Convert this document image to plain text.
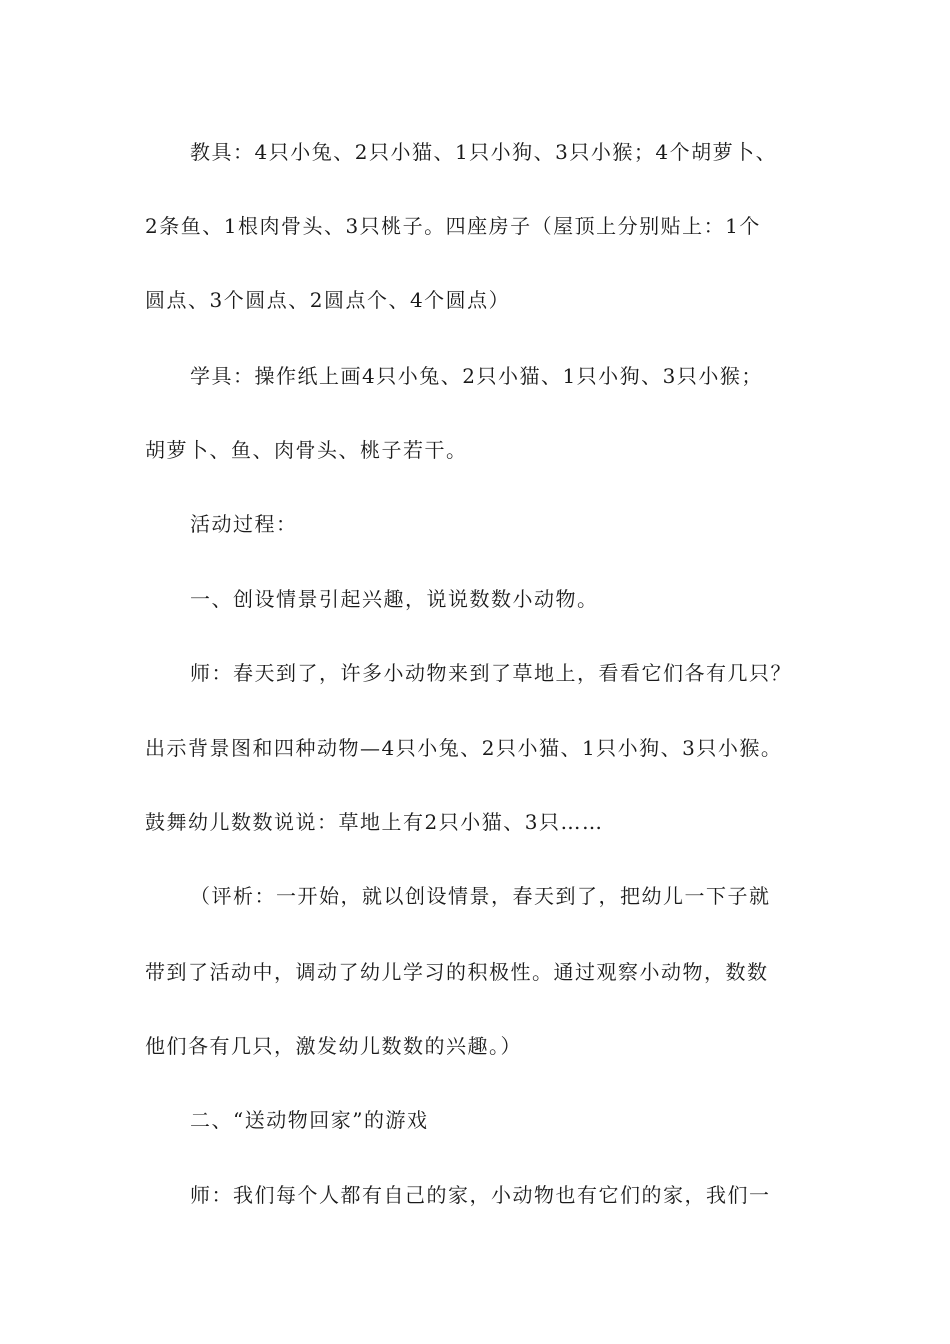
教具：4只小兔、2只小猫、1只小狗、3只小猴；4个胡萝卜、
2条鱼、1根肉骨头、3只桃子。四座房子（屋顶上分别贴上：1个
圆点、3个圆点、2圆点个、4个圆点）
学具：操作纸上画4只小兔、2只小猫、1只小狗、3只小猴；
胡萝卜、鱼、肉骨头、桃子若干。
活动过程：
一、创设情景引起兴趣，说说数数小动物。
师：春天到了，许多小动物来到了草地上，看看它们各有几只？
出示背景图和四种动物—4只小兔、2只小猫、1只小狗、3只小猴。
鼓舞幼儿数数说说：草地上有2只小猫、3只……
（评析：一开始，就以创设情景，春天到了，把幼儿一下子就
带到了活动中，调动了幼儿学习的积极性。通过观察小动物，数数
他们各有几只，激发幼儿数数的兴趣。）
二、“送动物回家”的游戏
师：我们每个人都有自己的家，小动物也有它们的家，我们一
